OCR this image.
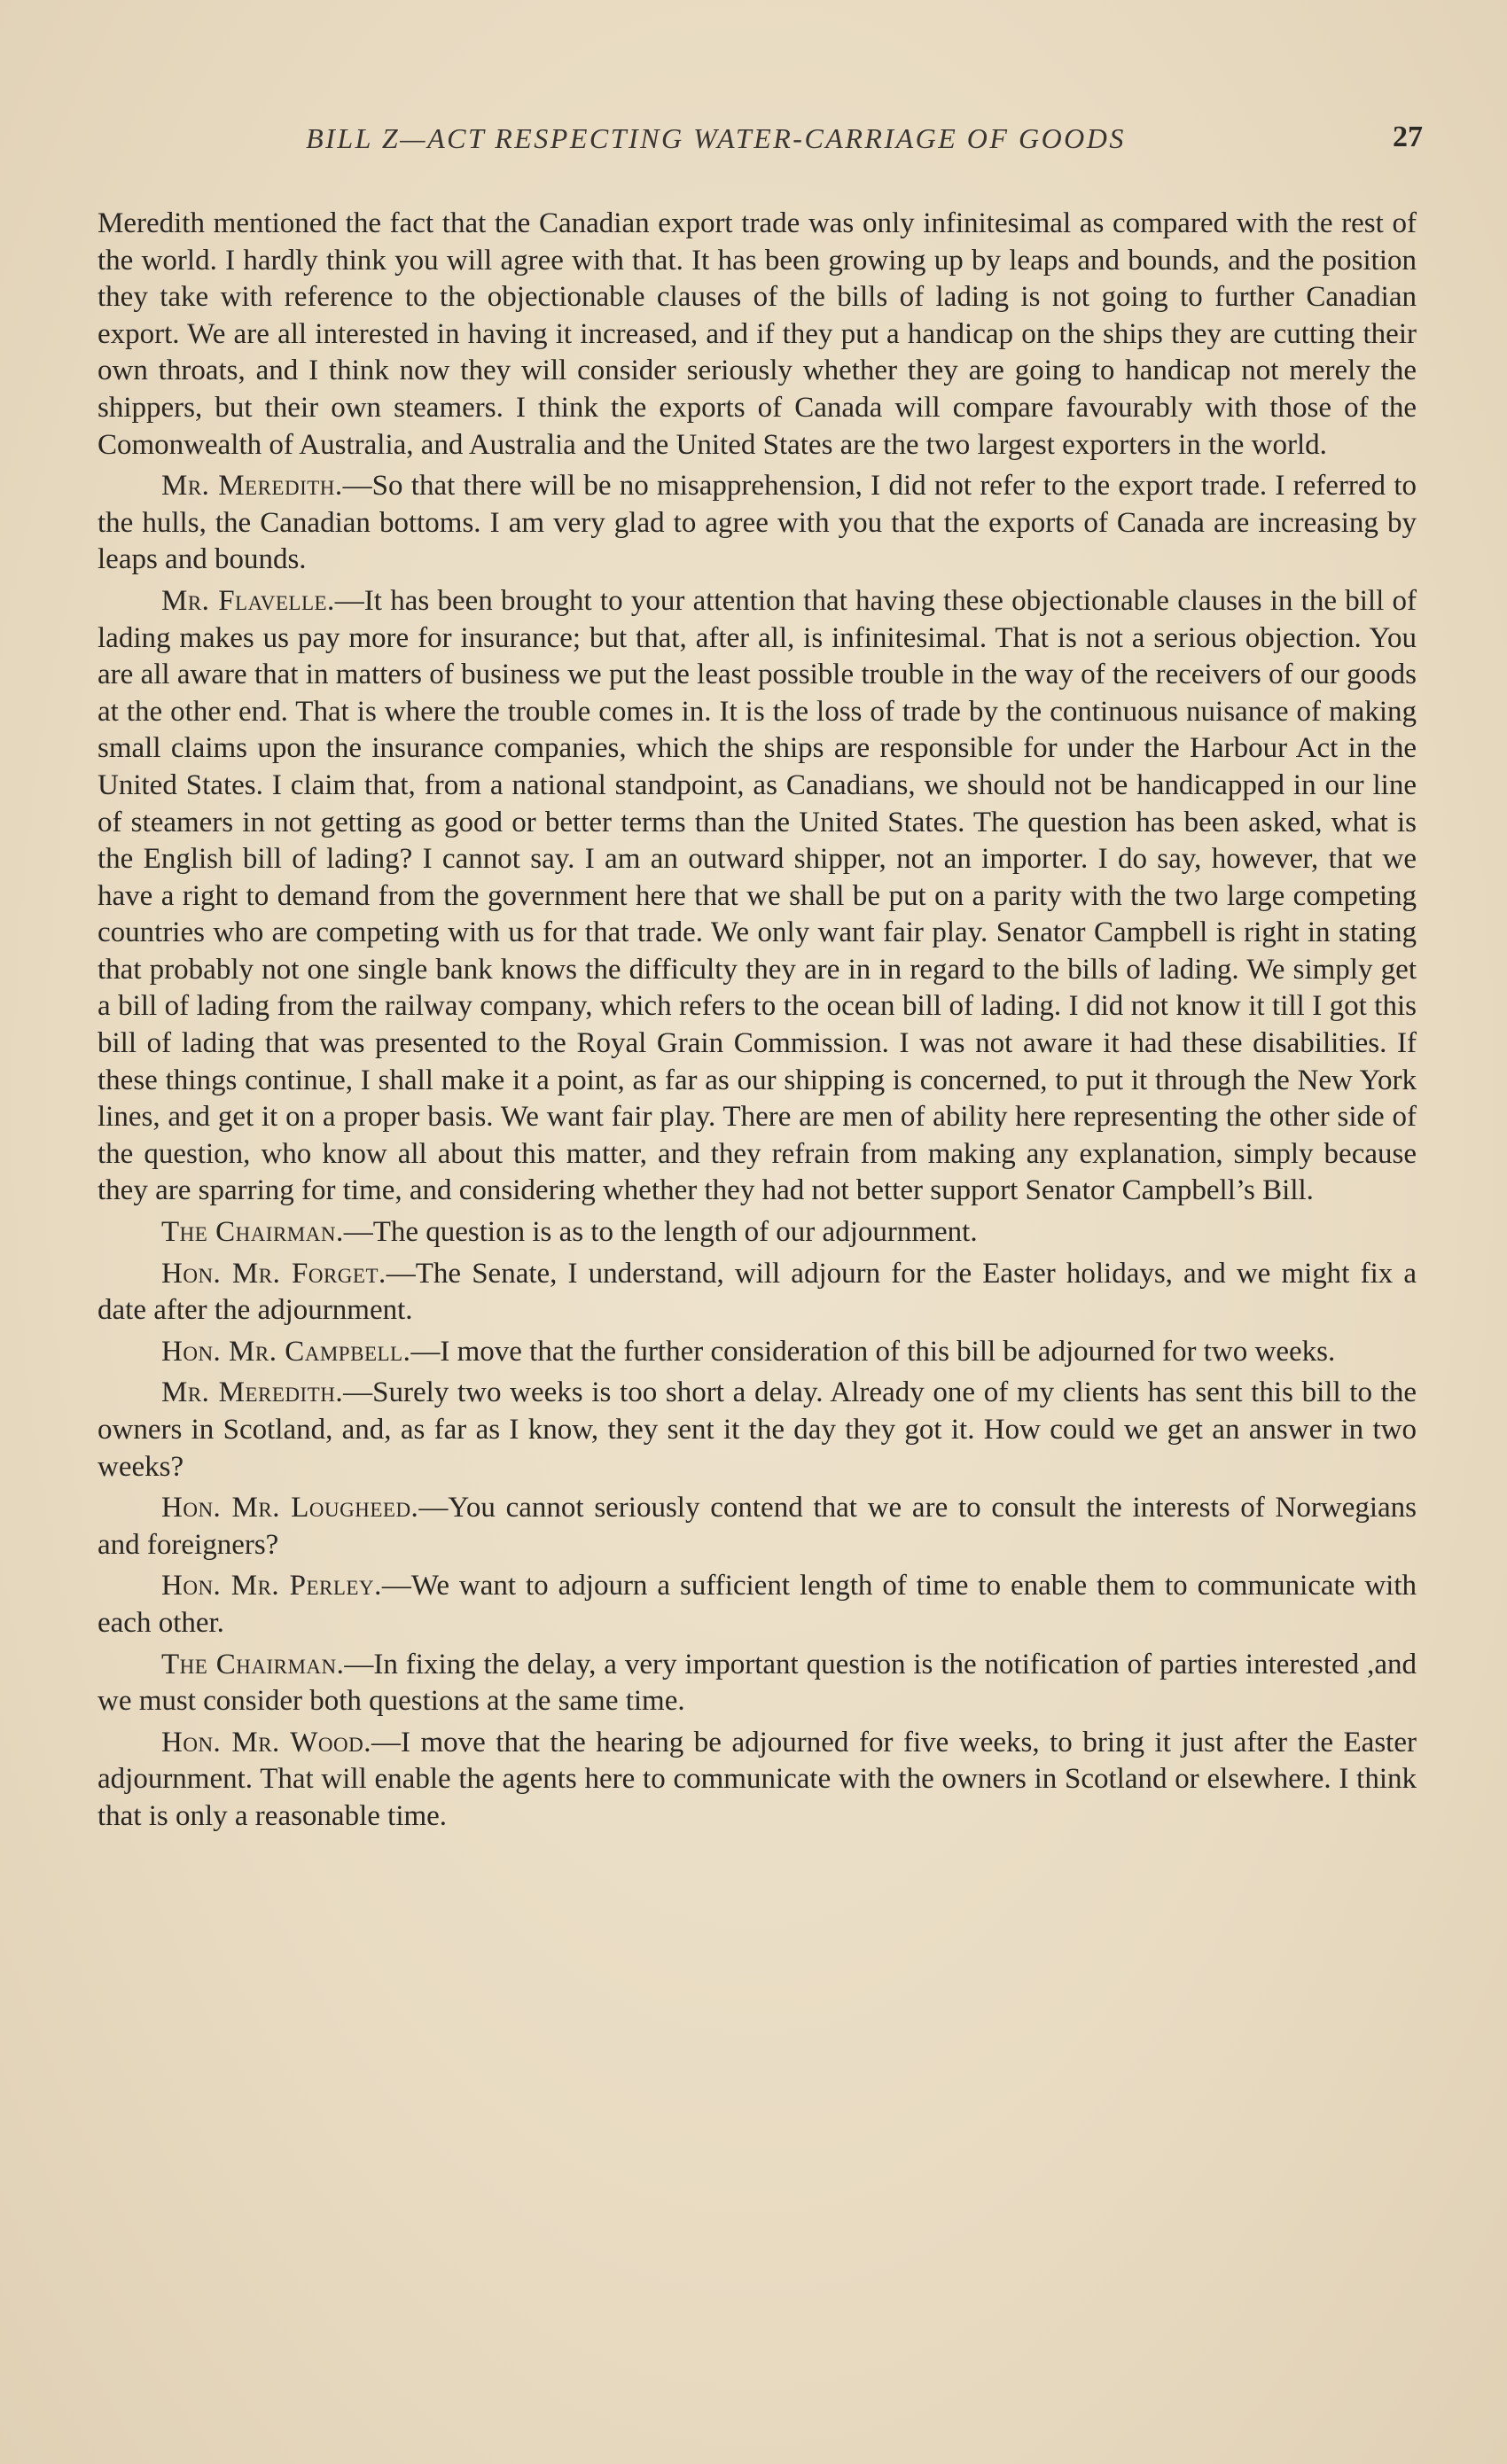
BILL Z—ACT RESPECTING WATER-CARRIAGE OF GOODS	27

Meredith mentioned the fact that the Canadian export trade was only infinitesimal as compared with the rest of the world. I hardly think you will agree with that. It has been growing up by leaps and bounds, and the position they take with reference to the objectionable clauses of the bills of lading is not going to further Canadian export. We are all interested in having it increased, and if they put a handicap on the ships they are cutting their own throats, and I think now they will consider seriously whether they are going to handicap not merely the shippers, but their own steamers. I think the exports of Canada will compare favourably with those of the Comonwealth of Australia, and Australia and the United States are the two largest exporters in the world.

Mr. Meredith.—So that there will be no misapprehension, I did not refer to the export trade. I referred to the hulls, the Canadian bottoms. I am very glad to agree with you that the exports of Canada are increasing by leaps and bounds.

Mr. Flavelle.—It has been brought to your attention that having these objectionable clauses in the bill of lading makes us pay more for insurance; but that, after all, is infinitesimal. That is not a serious objection. You are all aware that in matters of business we put the least possible trouble in the way of the receivers of our goods at the other end. That is where the trouble comes in. It is the loss of trade by the continuous nuisance of making small claims upon the insurance companies, which the ships are responsible for under the Harbour Act in the United States. I claim that, from a national standpoint, as Canadians, we should not be handicapped in our line of steamers in not getting as good or better terms than the United States. The question has been asked, what is the English bill of lading? I cannot say. I am an outward shipper, not an importer. I do say, however, that we have a right to demand from the government here that we shall be put on a parity with the two large competing countries who are competing with us for that trade. We only want fair play. Senator Campbell is right in stating that probably not one single bank knows the difficulty they are in in regard to the bills of lading. We simply get a bill of lading from the railway company, which refers to the ocean bill of lading. I did not know it till I got this bill of lading that was presented to the Royal Grain Commission. I was not aware it had these disabilities. If these things continue, I shall make it a point, as far as our shipping is concerned, to put it through the New York lines, and get it on a proper basis. We want fair play. There are men of ability here representing the other side of the question, who know all about this matter, and they refrain from making any explanation, simply because they are sparring for time, and considering whether they had not better support Senator Campbell’s Bill.

The Chairman.—The question is as to the length of our adjournment.

Hon. Mr. Forget.—The Senate, I understand, will adjourn for the Easter holidays, and we might fix a date after the adjournment.

Hon. Mr. Campbell.—I move that the further consideration of this bill be adjourned for two weeks.

Mr. Meredith.—Surely two weeks is too short a delay. Already one of my clients has sent this bill to the owners in Scotland, and, as far as I know, they sent it the day they got it. How could we get an answer in two weeks?

Hon. Mr. Lougheed.—You cannot seriously contend that we are to consult the interests of Norwegians and foreigners?

Hon. Mr. Perley.—We want to adjourn a sufficient length of time to enable them to communicate with each other.

The Chairman.—In fixing the delay, a very important question is the notification of parties interested ,and we must consider both questions at the same time.

Hon. Mr. Wood.—I move that the hearing be adjourned for five weeks, to bring it just after the Easter adjournment. That will enable the agents here to communicate with the owners in Scotland or elsewhere. I think that is only a reasonable time.
